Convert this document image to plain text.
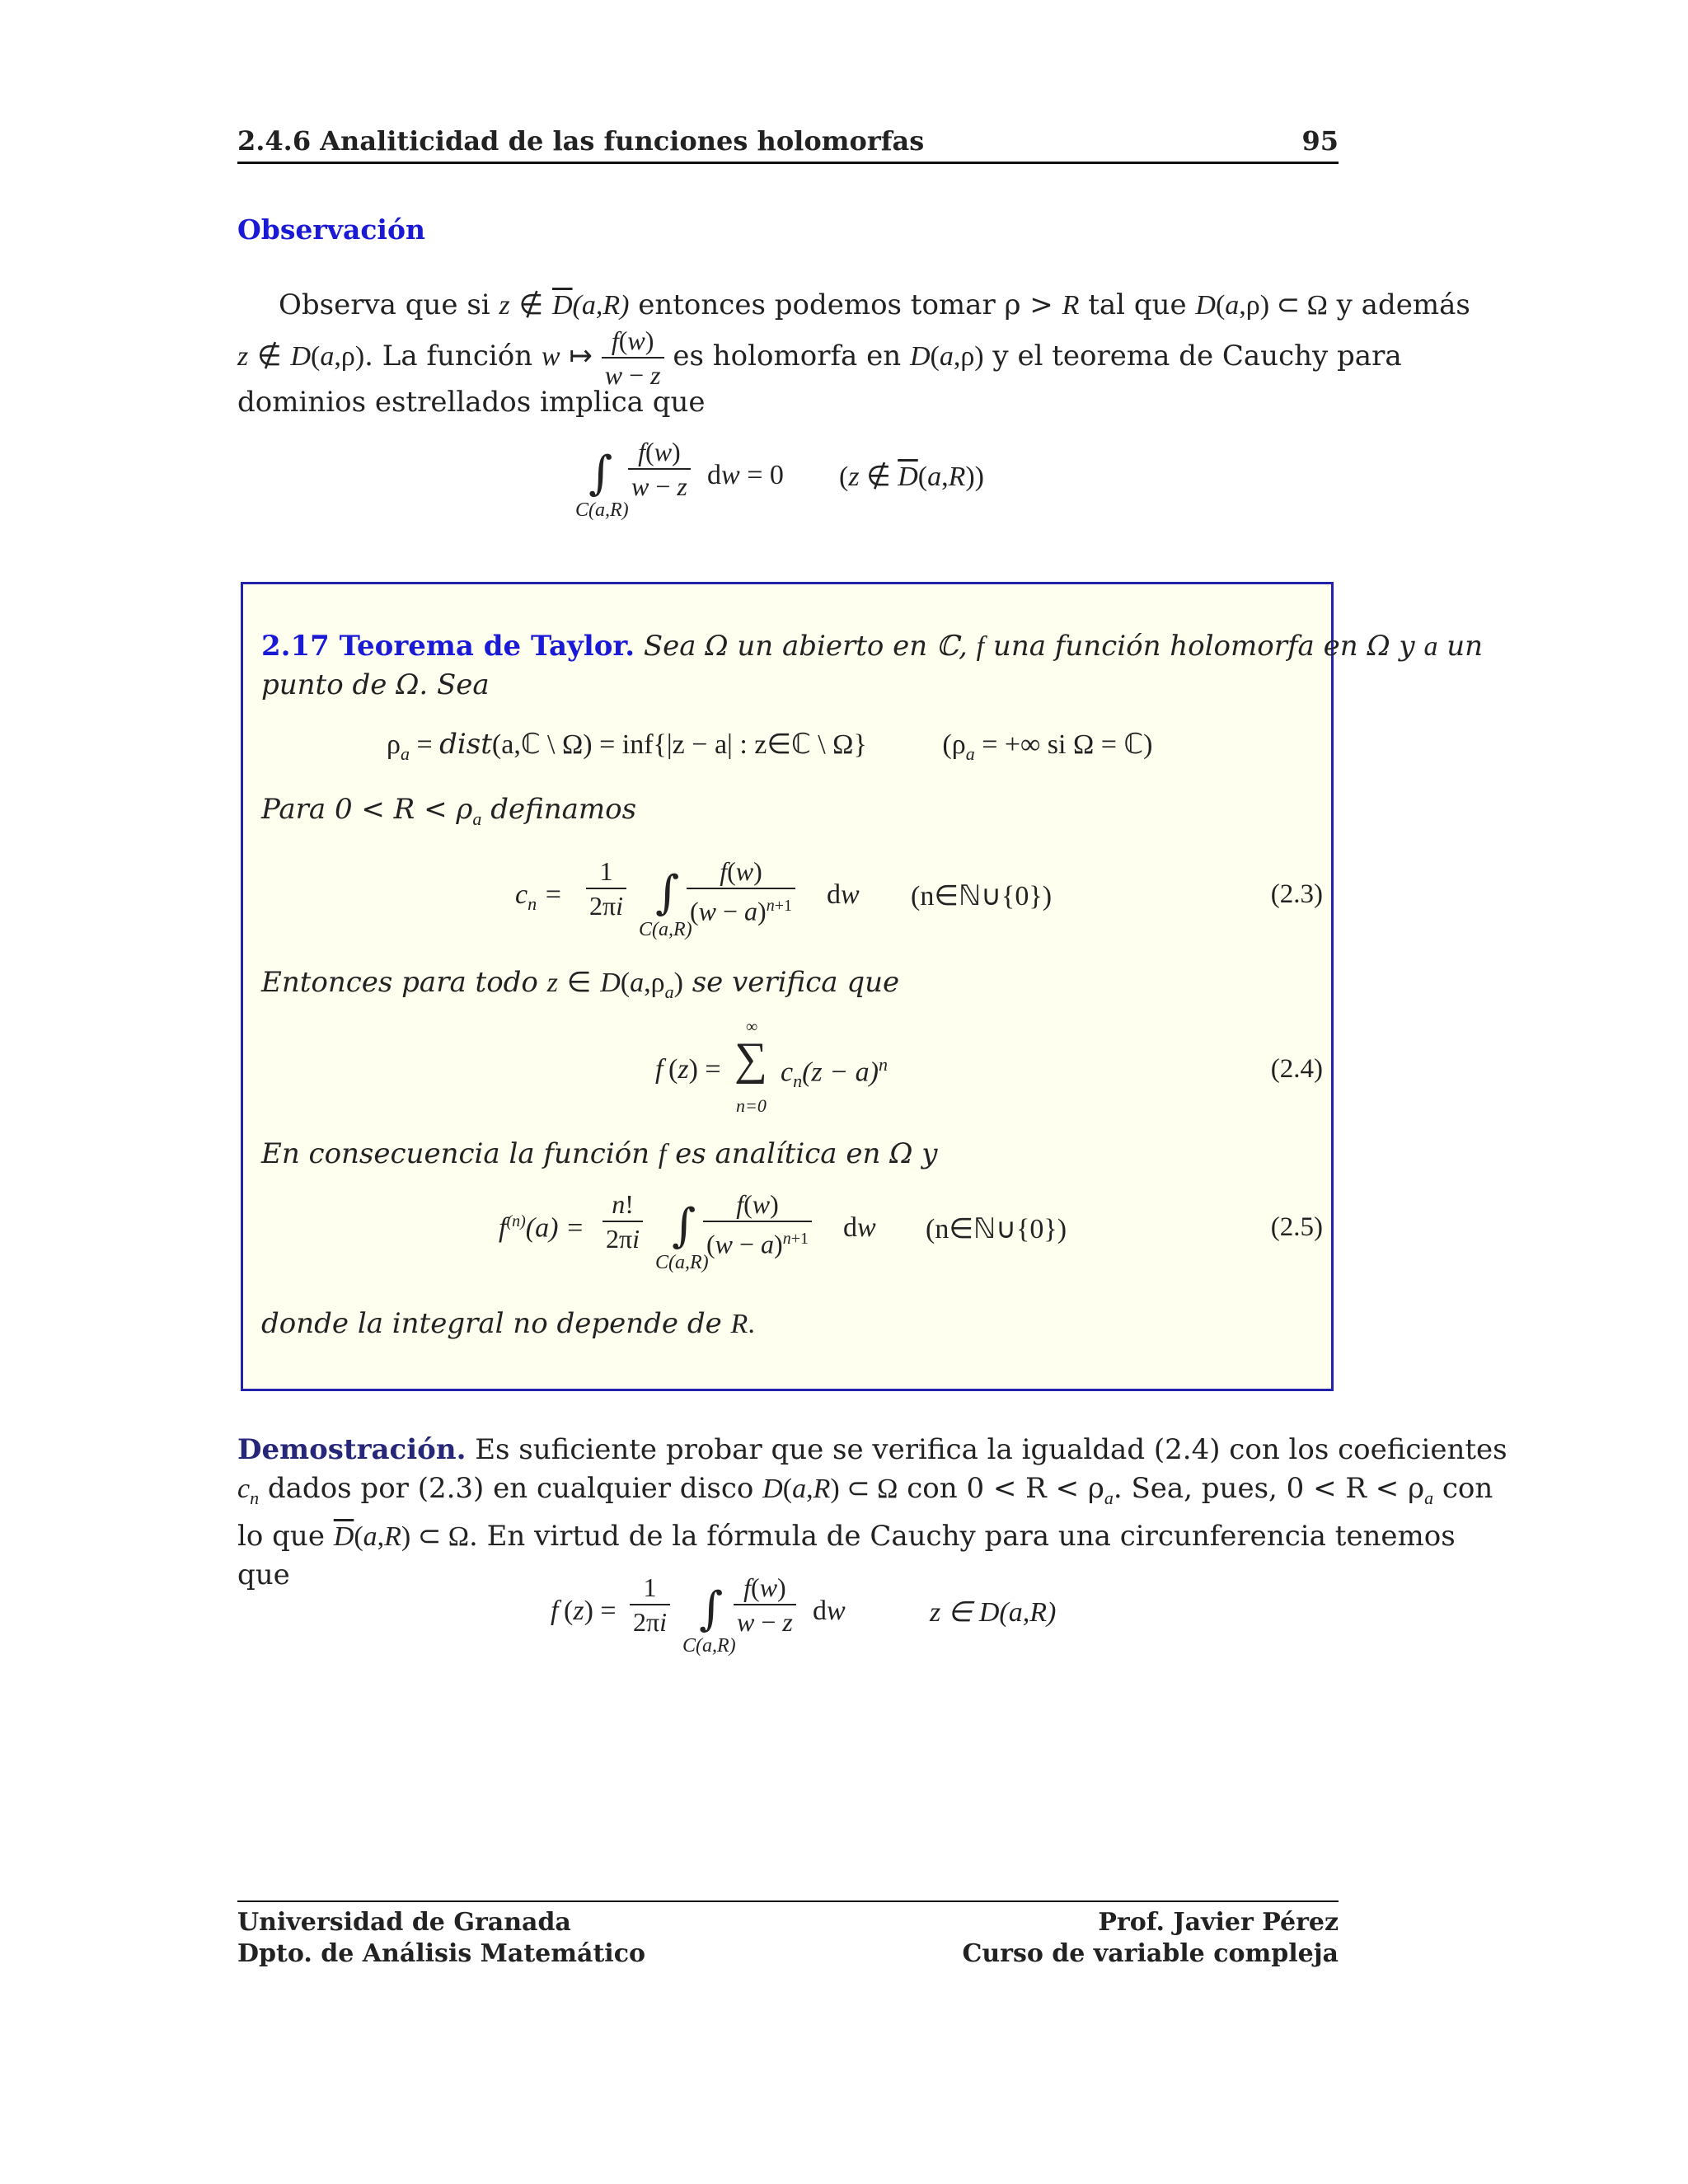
2.4.6 Analiticidad de las funciones holomorfas	95
Observación
Observa que si z ∉ $\overline{D}(a,R)$ entonces podemos tomar ρ > R tal que D(a,ρ) ⊂ Ω y además
z ∉ D(a,ρ). La función w ↦ $\frac{f(w)}{w - z}$ es holomorfa en D(a,ρ) y el teorema de Cauchy para
dominios estrellados implica que
∫
C(a,R)
$\frac{f(w)}{w - z}$ dw = 0 (z ∉ $\overline{D}(a,R)$)
2.17 Teorema de Taylor. Sea Ω un abierto en ℂ, f una función holomorfa en Ω y a un
punto de Ω. Sea
$\rho_a$ = dist(a,ℂ \ Ω) = inf{|z − a| : z∈ℂ \ Ω}	($\rho_a$ = +∞ si Ω = ℂ)
Para $0 < R < \rho_a$ definamos
$c_n = \frac{1}{2\pi i}$ ∫
C(a,R)
$\frac{f(w)}{(w - a)^{n+1}}$ dw (n∈ℕ∪{0})	(2.3)
Entonces para todo z ∈ $D(a,\rho_a)$ se verifica que
f (z) =
∞
∑
n=0
$c_n(z - a)^n$	(2.4)
En consecuencia la función f es analítica en Ω y
$f^{(n)}(a) = \frac{n!}{2\pi i}$ ∫
C(a,R)
$\frac{f(w)}{(w - a)^{n+1}}$ dw (n∈ℕ∪{0})	(2.5)
donde la integral no depende de R.
Demostración. Es suficiente probar que se verifica la igualdad (2.4) con los coeficientes
$c_n$ dados por (2.3) en cualquier disco D(a,R) ⊂ Ω con $0 < R < \rho_a$. Sea, pues, $0 < R < \rho_a$ con
lo que $\overline{D}(a,R)$ ⊂ Ω. En virtud de la fórmula de Cauchy para una circunferencia tenemos
que
f $(z) = \frac{1}{2\pi i}$ ∫
C(a,R)
$\frac{f(w)}{w - z}$ dw	z ∈ D(a,R)
Universidad de Granada
Dpto. de Análisis Matemático
Prof. Javier Pérez
Curso de variable compleja
